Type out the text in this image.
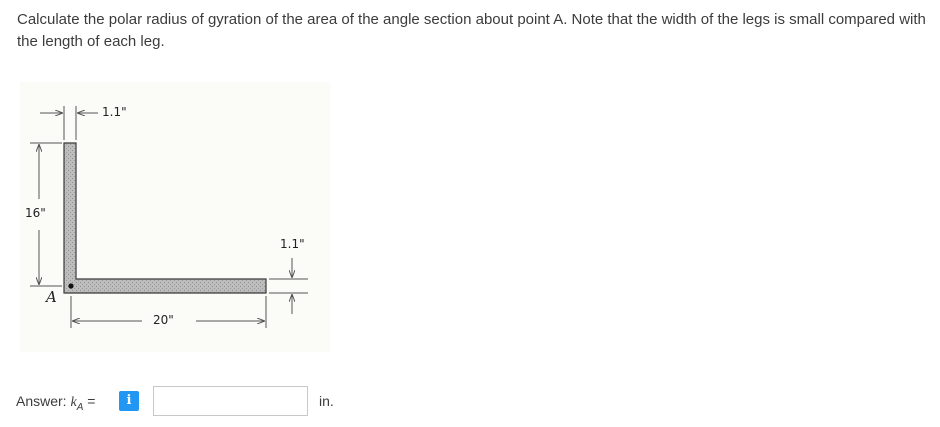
Calculate the polar radius of gyration of the area of the angle section about point A. Note that the width of the legs is small compared with the length of each leg.
1.1"
16"
1.1"
20"
A
Answer: $k_A$ =	i	in.
